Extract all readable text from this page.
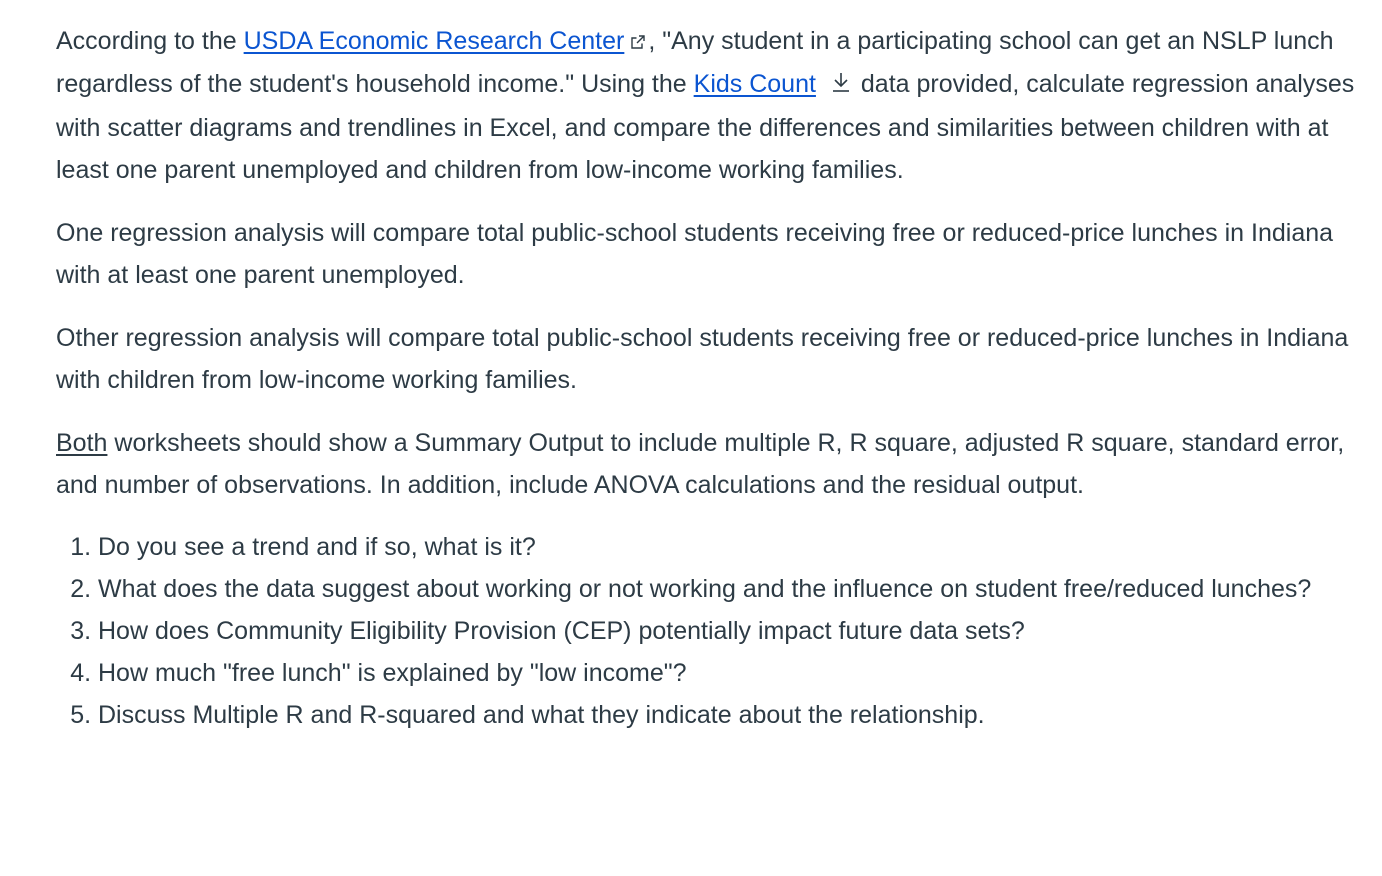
According to the USDA Economic Research Center , "Any student in a participating school can get an NSLP lunch regardless of the student's household income." Using the Kids Count data provided, calculate regression analyses with scatter diagrams and trendlines in Excel, and compare the differences and similarities between children with at least one parent unemployed and children from low-income working families.

One regression analysis will compare total public-school students receiving free or reduced-price lunches in Indiana with at least one parent unemployed.

Other regression analysis will compare total public-school students receiving free or reduced-price lunches in Indiana with children from low-income working families.

Both worksheets should show a Summary Output to include multiple R, R square, adjusted R square, standard error, and number of observations. In addition, include ANOVA calculations and the residual output.

1. Do you see a trend and if so, what is it?
2. What does the data suggest about working or not working and the influence on student free/reduced lunches?
3. How does Community Eligibility Provision (CEP) potentially impact future data sets?
4. How much "free lunch" is explained by "low income"?
5. Discuss Multiple R and R-squared and what they indicate about the relationship.
